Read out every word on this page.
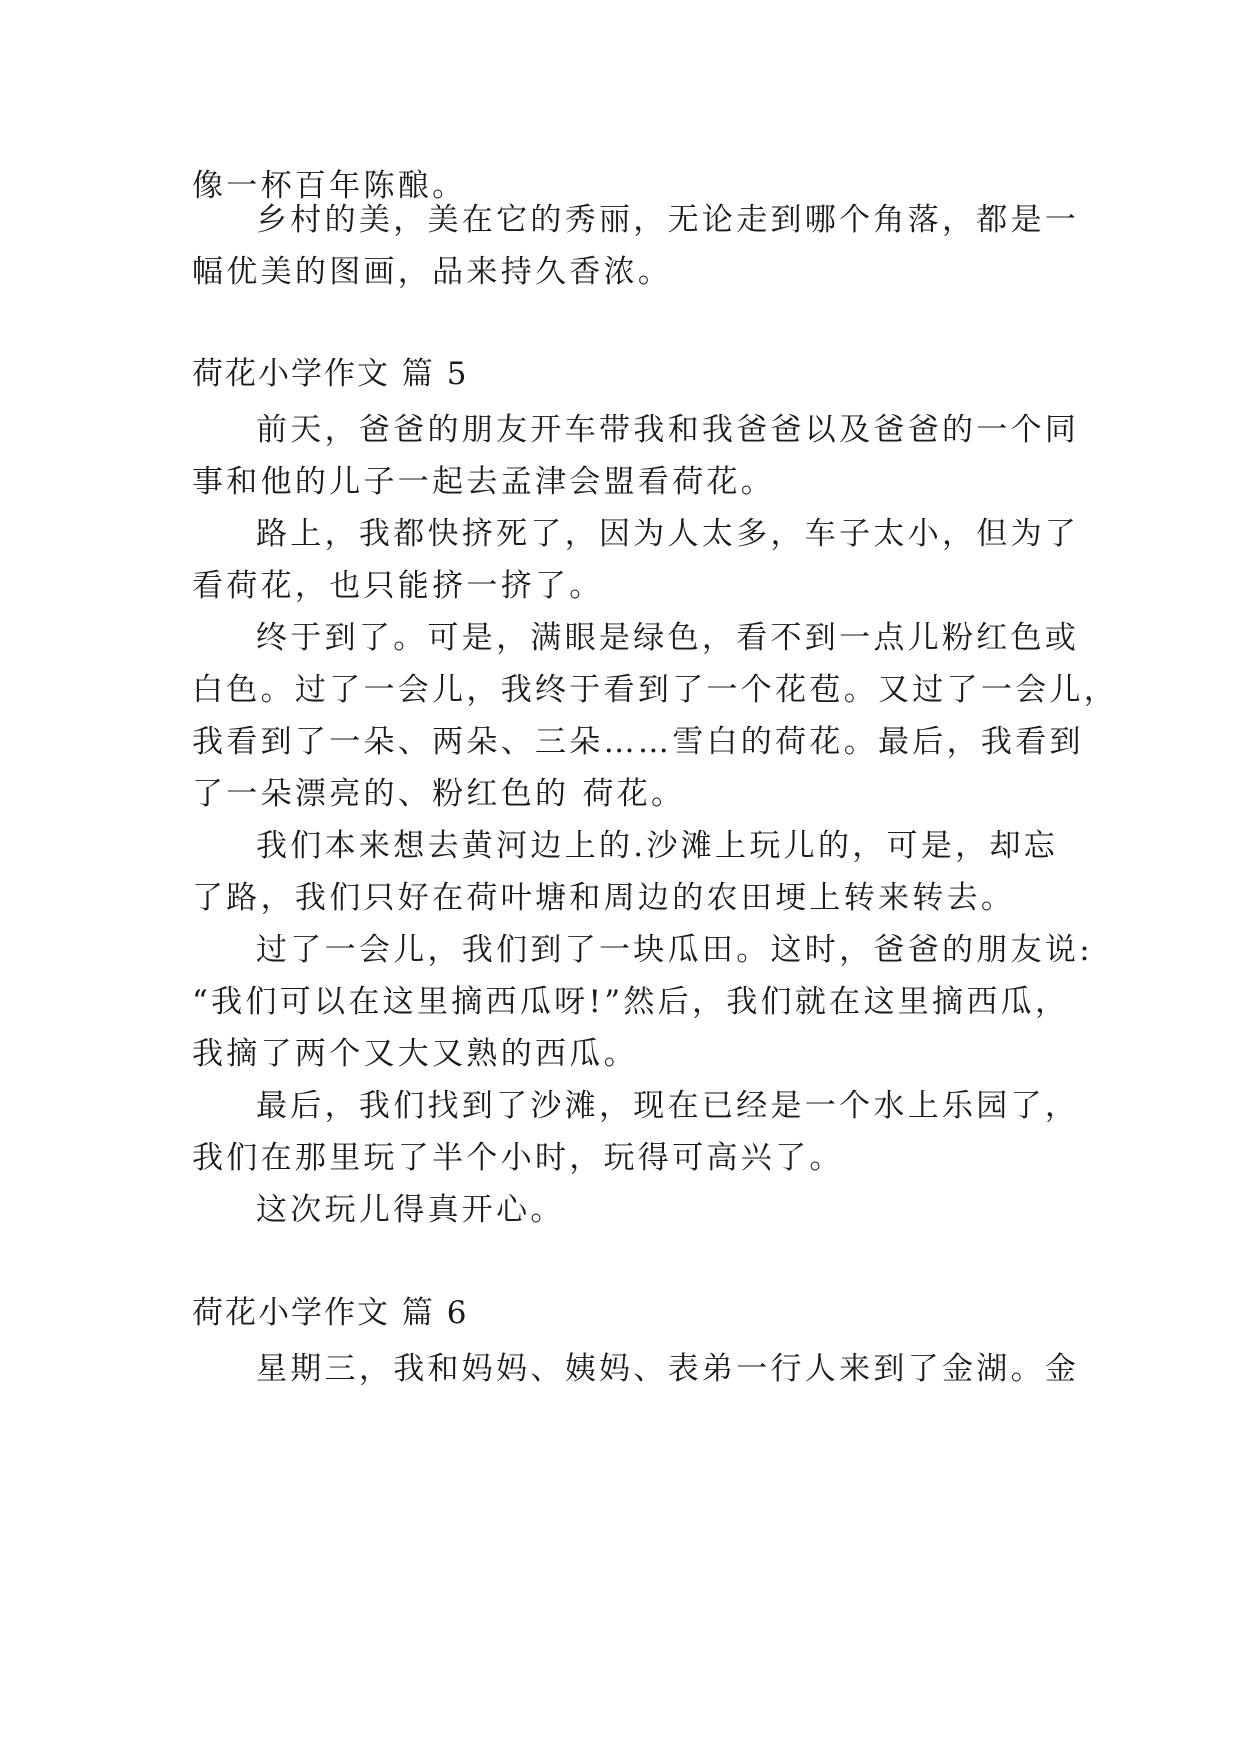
像一杯百年陈酿。
乡村的美，美在它的秀丽，无论走到哪个角落，都是一
幅优美的图画，品来持久香浓。
荷花小学作文 篇 5
前天，爸爸的朋友开车带我和我爸爸以及爸爸的一个同
事和他的儿子一起去孟津会盟看荷花。
路上，我都快挤死了，因为人太多，车子太小，但为了
看荷花，也只能挤一挤了。
终于到了。可是，满眼是绿色，看不到一点儿粉红色或
白色。过了一会儿，我终于看到了一个花苞。又过了一会儿，
我看到了一朵、两朵、三朵……雪白的荷花。最后，我看到
了一朵漂亮的、粉红色的 荷花。
我们本来想去黄河边上的.沙滩上玩儿的，可是，却忘
了路，我们只好在荷叶塘和周边的农田埂上转来转去。
过了一会儿，我们到了一块瓜田。这时，爸爸的朋友说:
“我们可以在这里摘西瓜呀!”然后，我们就在这里摘西瓜，
我摘了两个又大又熟的西瓜。
最后，我们找到了沙滩，现在已经是一个水上乐园了，
我们在那里玩了半个小时，玩得可高兴了。
这次玩儿得真开心。
荷花小学作文 篇 6
星期三，我和妈妈、姨妈、表弟一行人来到了金湖。金
